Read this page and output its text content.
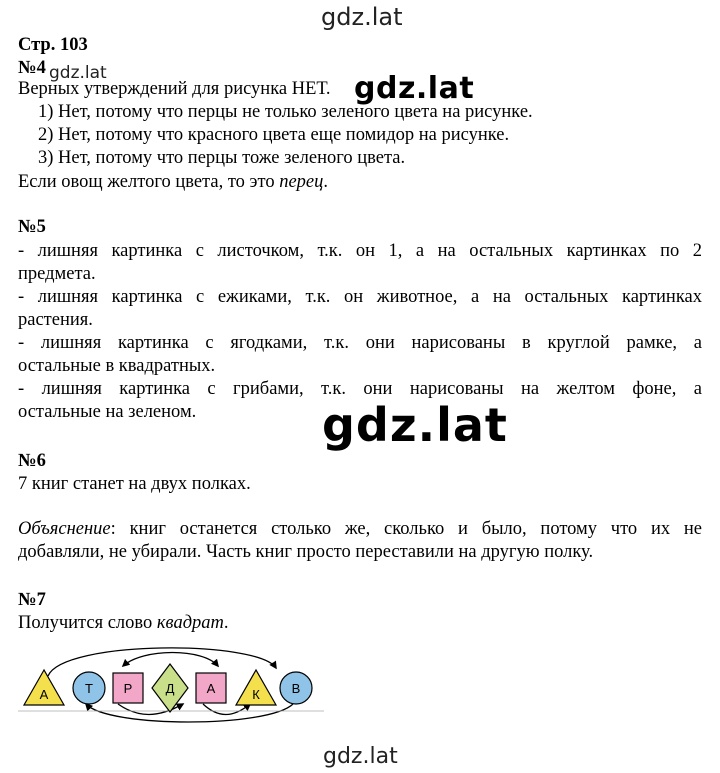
gdz.lat
gdz.lat	gdz.lat
gdz.lat
gdz.lat
Стр. 103
№4
Верных утверждений для рисунка НЕТ.
1) Нет, потому что перцы не только зеленого цвета на рисунке.
2) Нет, потому что красного цвета еще помидор на рисунке.
3) Нет, потому что перцы тоже зеленого цвета.
Если овощ желтого цвета, то это перец.
№5
- лишняя картинка с листочком, т.к. он 1, а на остальных картинках по 2
предмета.
- лишняя картинка с ежиками, т.к. он животное, а на остальных картинках
растения.
- лишняя картинка с ягодками, т.к. они нарисованы в круглой рамке, а
остальные в квадратных.
- лишняя картинка с грибами, т.к. они нарисованы на желтом фоне, а
остальные на зеленом.
№6
7 книг станет на двух полках.
Объяснение: книг останется столько же, сколько и было, потому что их не
добавляли, не убирали. Часть книг просто переставили на другую полку.
№7
Получится слово квадрат.
А	Т Р	Д А	К В
